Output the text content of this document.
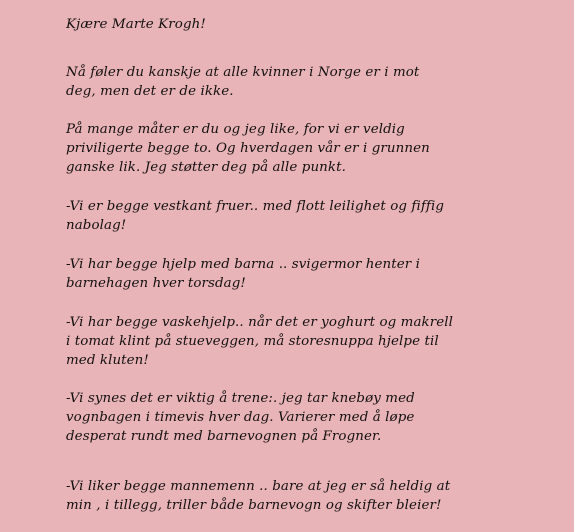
Kjære Marte Krogh!
Nå føler du kanskje at alle kvinner i Norge er i mot
deg, men det er de ikke.
På mange måter er du og jeg like, for vi er veldig
priviligerte begge to. Og hverdagen vår er i grunnen
ganske lik. Jeg støtter deg på alle punkt.
-Vi er begge vestkant fruer.. med flott leilighet og fiffig
nabolag!
-Vi har begge hjelp med barna .. svigermor henter i
barnehagen hver torsdag!
-Vi har begge vaskehjelp.. når det er yoghurt og makrell
i tomat klint på stueveggen, må storesnuppa hjelpe til
med kluten!
-Vi synes det er viktig å trene:. jeg tar knebøy med
vognbagen i timevis hver dag. Varierer med å løpe
desperat rundt med barnevognen på Frogner.
-Vi liker begge mannemenn .. bare at jeg er så heldig at
min , i tillegg, triller både barnevogn og skifter bleier!
